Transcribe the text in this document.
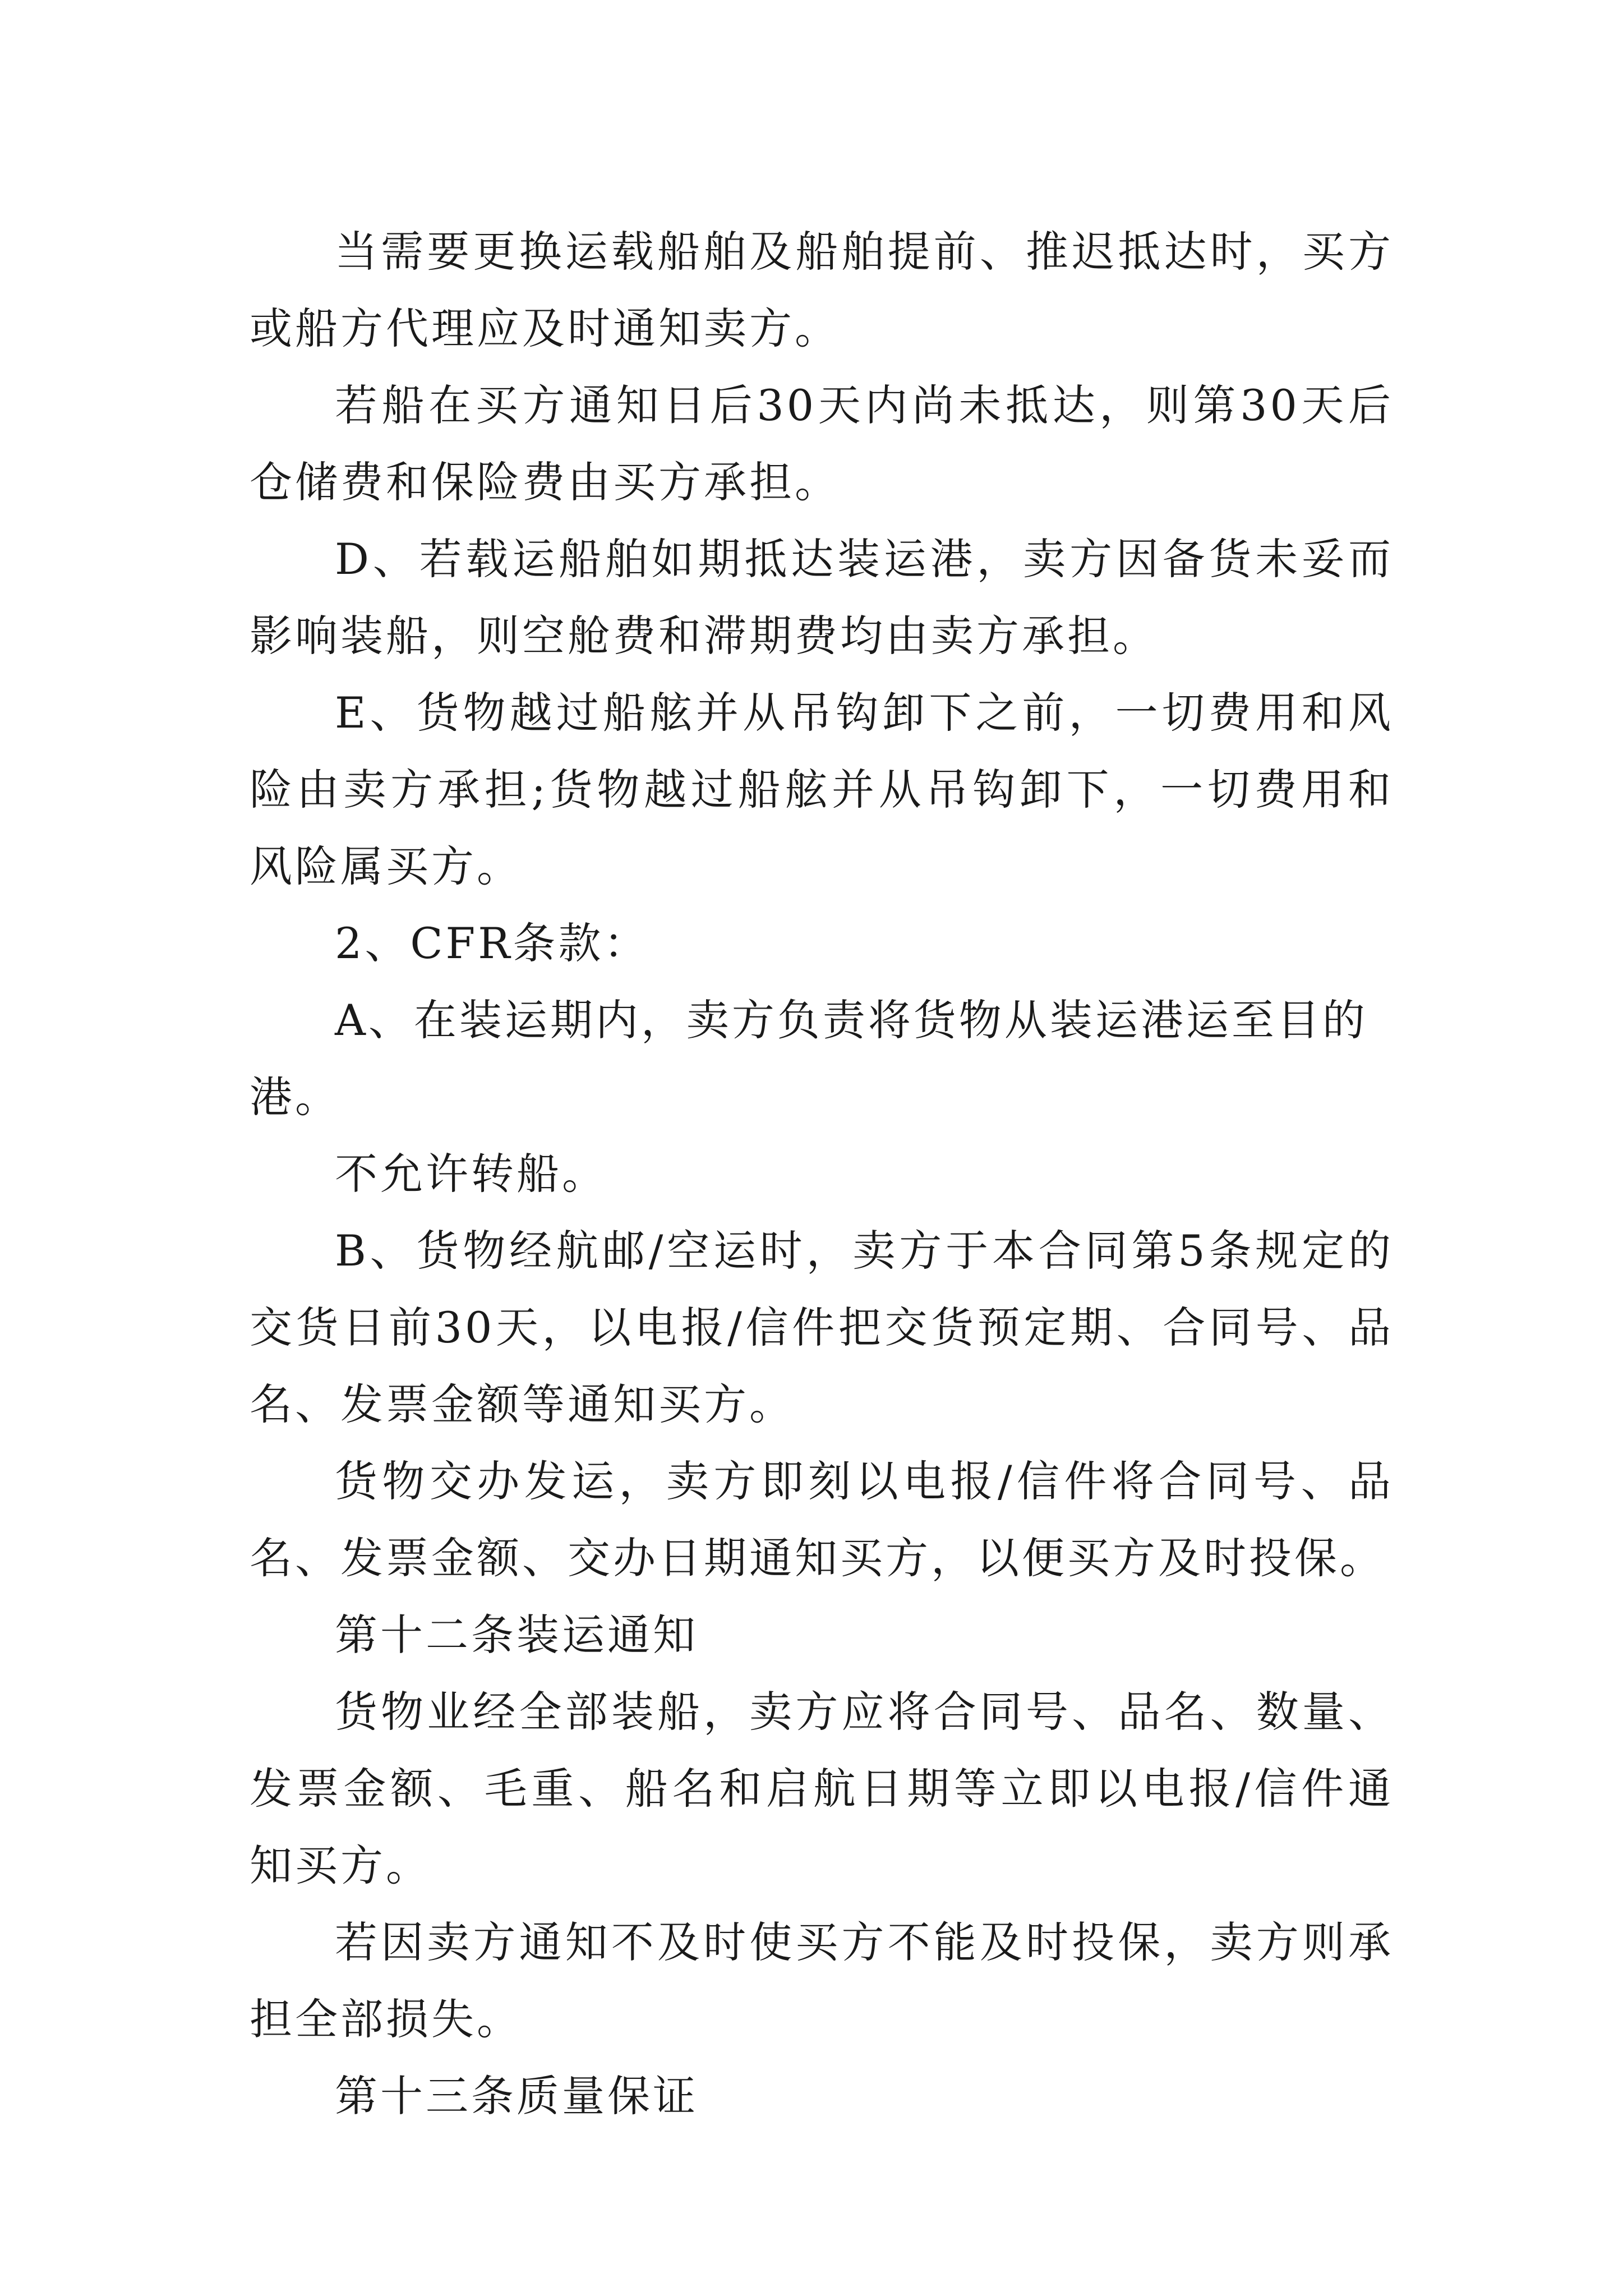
当需要更换运载船舶及船舶提前、推迟抵达时，买方或船方代理应及时通知卖方。

若船在买方通知日后30天内尚未抵达，则第30天后仓储费和保险费由买方承担。

D、若载运船舶如期抵达装运港，卖方因备货未妥而影响装船，则空舱费和滞期费均由卖方承担。

E、货物越过船舷并从吊钩卸下之前，一切费用和风险由卖方承担;货物越过船舷并从吊钩卸下，一切费用和风险属买方。

2、CFR条款：

A、在装运期内，卖方负责将货物从装运港运至目的港。

不允许转船。

B、货物经航邮/空运时，卖方于本合同第5条规定的交货日前30天，以电报/信件把交货预定期、合同号、品名、发票金额等通知买方。

货物交办发运，卖方即刻以电报/信件将合同号、品名、发票金额、交办日期通知买方，以便买方及时投保。

第十二条装运通知

货物业经全部装船，卖方应将合同号、品名、数量、发票金额、毛重、船名和启航日期等立即以电报/信件通知买方。

若因卖方通知不及时使买方不能及时投保，卖方则承担全部损失。

第十三条质量保证
